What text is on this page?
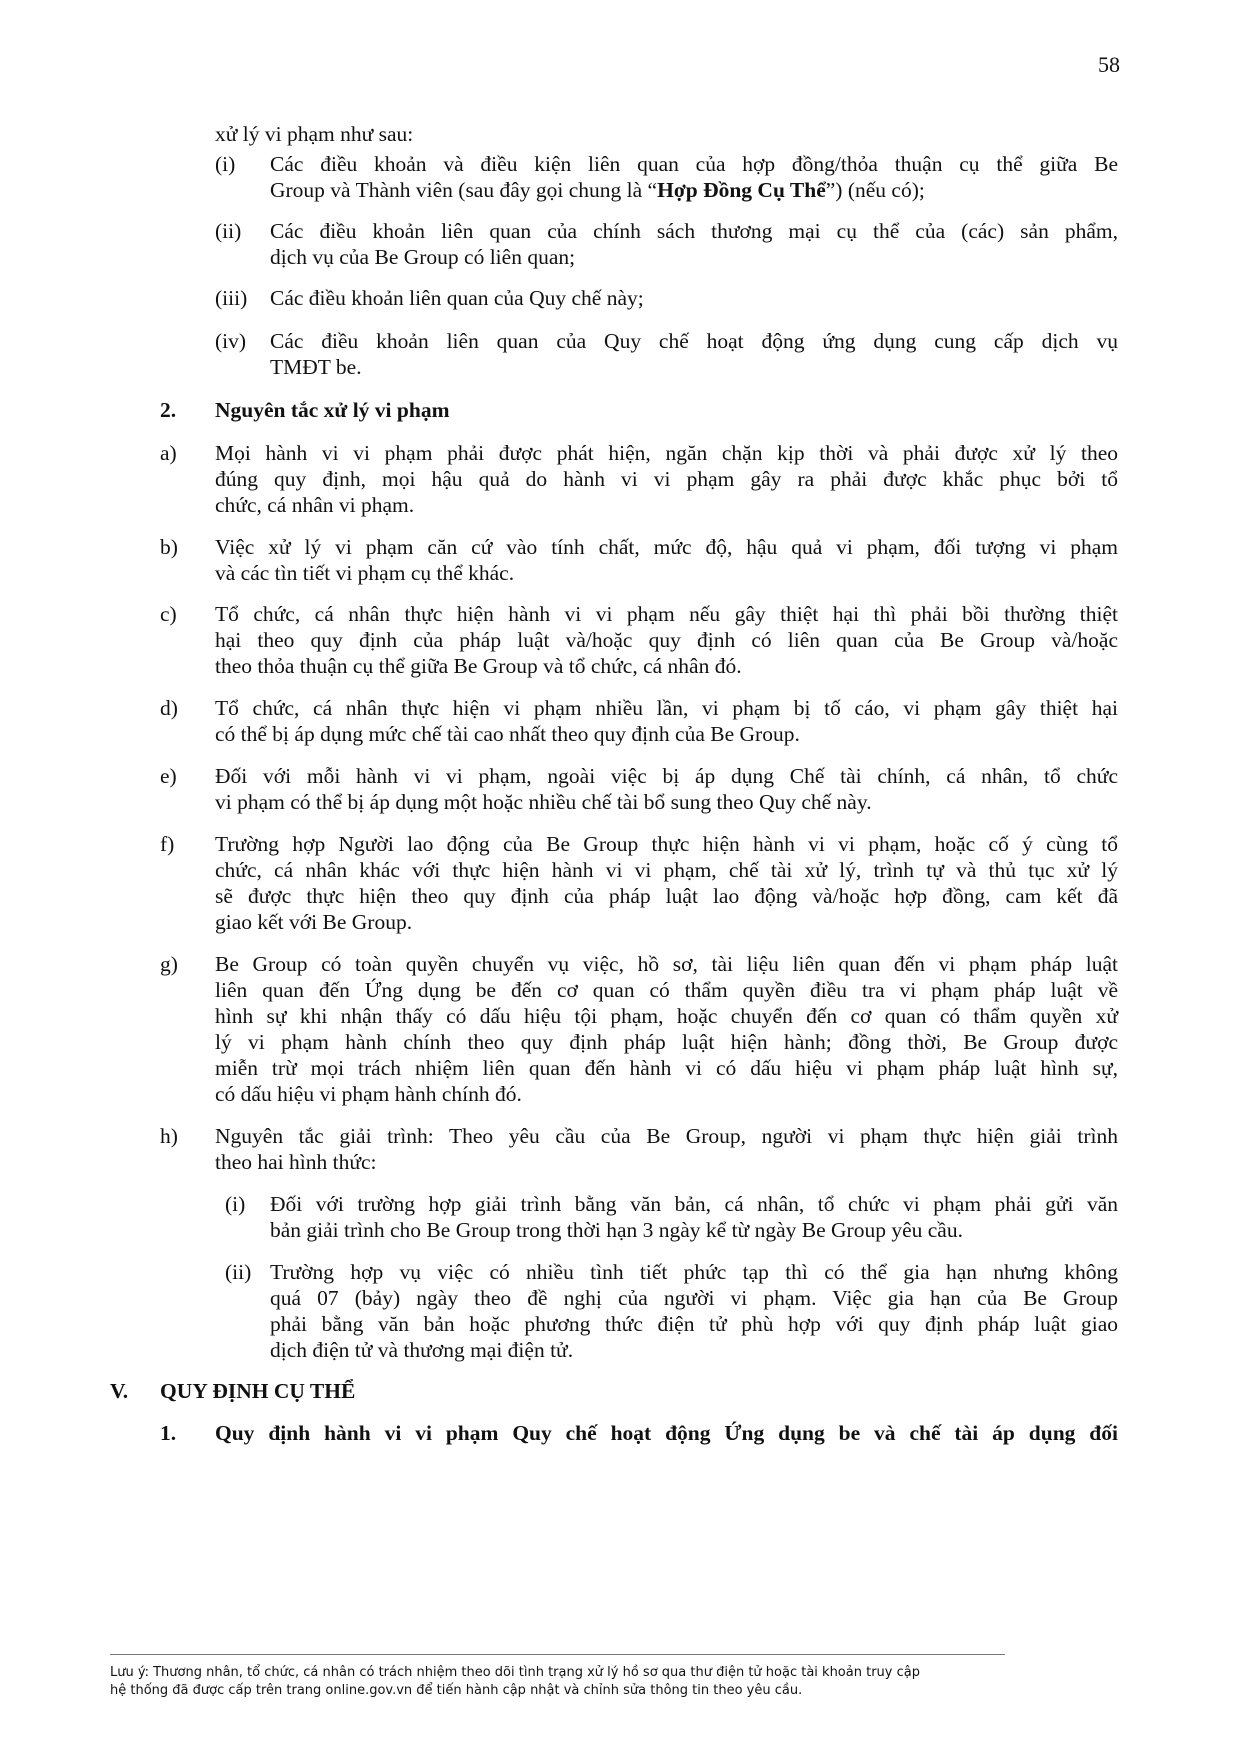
58
xử lý vi phạm như sau:
(i) Các điều khoản và điều kiện liên quan của hợp đồng/thỏa thuận cụ thể giữa Be
Group và Thành viên (sau đây gọi chung là “Hợp Đồng Cụ Thể”) (nếu có);
(ii) Các điều khoản liên quan của chính sách thương mại cụ thể của (các) sản phẩm,
dịch vụ của Be Group có liên quan;
(iii) Các điều khoản liên quan của Quy chế này;
(iv) Các điều khoản liên quan của Quy chế hoạt động ứng dụng cung cấp dịch vụ
TMĐT be.
2. Nguyên tắc xử lý vi phạm
a) Mọi hành vi vi phạm phải được phát hiện, ngăn chặn kịp thời và phải được xử lý theo
đúng quy định, mọi hậu quả do hành vi vi phạm gây ra phải được khắc phục bởi tổ
chức, cá nhân vi phạm.
b) Việc xử lý vi phạm căn cứ vào tính chất, mức độ, hậu quả vi phạm, đối tượng vi phạm
và các tìn tiết vi phạm cụ thể khác.
c) Tổ chức, cá nhân thực hiện hành vi vi phạm nếu gây thiệt hại thì phải bồi thường thiệt
hại theo quy định của pháp luật và/hoặc quy định có liên quan của Be Group và/hoặc
theo thỏa thuận cụ thể giữa Be Group và tổ chức, cá nhân đó.
d) Tổ chức, cá nhân thực hiện vi phạm nhiều lần, vi phạm bị tố cáo, vi phạm gây thiệt hại
có thể bị áp dụng mức chế tài cao nhất theo quy định của Be Group.
e) Đối với mỗi hành vi vi phạm, ngoài việc bị áp dụng Chế tài chính, cá nhân, tổ chức
vi phạm có thể bị áp dụng một hoặc nhiều chế tài bổ sung theo Quy chế này.
f) Trường hợp Người lao động của Be Group thực hiện hành vi vi phạm, hoặc cố ý cùng tổ
chức, cá nhân khác với thực hiện hành vi vi phạm, chế tài xử lý, trình tự và thủ tục xử lý
sẽ được thực hiện theo quy định của pháp luật lao động và/hoặc hợp đồng, cam kết đã
giao kết với Be Group.
g) Be Group có toàn quyền chuyển vụ việc, hồ sơ, tài liệu liên quan đến vi phạm pháp luật
liên quan đến Ứng dụng be đến cơ quan có thẩm quyền điều tra vi phạm pháp luật về
hình sự khi nhận thấy có dấu hiệu tội phạm, hoặc chuyển đến cơ quan có thẩm quyền xử
lý vi phạm hành chính theo quy định pháp luật hiện hành; đồng thời, Be Group được
miễn trừ mọi trách nhiệm liên quan đến hành vi có dấu hiệu vi phạm pháp luật hình sự,
có dấu hiệu vi phạm hành chính đó.
h) Nguyên tắc giải trình: Theo yêu cầu của Be Group, người vi phạm thực hiện giải trình
theo hai hình thức:
(i) Đối với trường hợp giải trình bằng văn bản, cá nhân, tổ chức vi phạm phải gửi văn
bản giải trình cho Be Group trong thời hạn 3 ngày kể từ ngày Be Group yêu cầu.
(ii) Trường hợp vụ việc có nhiều tình tiết phức tạp thì có thể gia hạn nhưng không
quá 07 (bảy) ngày theo đề nghị của người vi phạm. Việc gia hạn của Be Group
phải bằng văn bản hoặc phương thức điện tử phù hợp với quy định pháp luật giao
dịch điện tử và thương mại điện tử.
V. QUY ĐỊNH CỤ THỂ
1. Quy định hành vi vi phạm Quy chế hoạt động Ứng dụng be và chế tài áp dụng đối
Lưu ý: Thương nhân, tổ chức, cá nhân có trách nhiệm theo dõi tình trạng xử lý hồ sơ qua thư điện tử hoặc tài khoản truy cập
hệ thống đã được cấp trên trang online.gov.vn để tiến hành cập nhật và chỉnh sửa thông tin theo yêu cầu.
